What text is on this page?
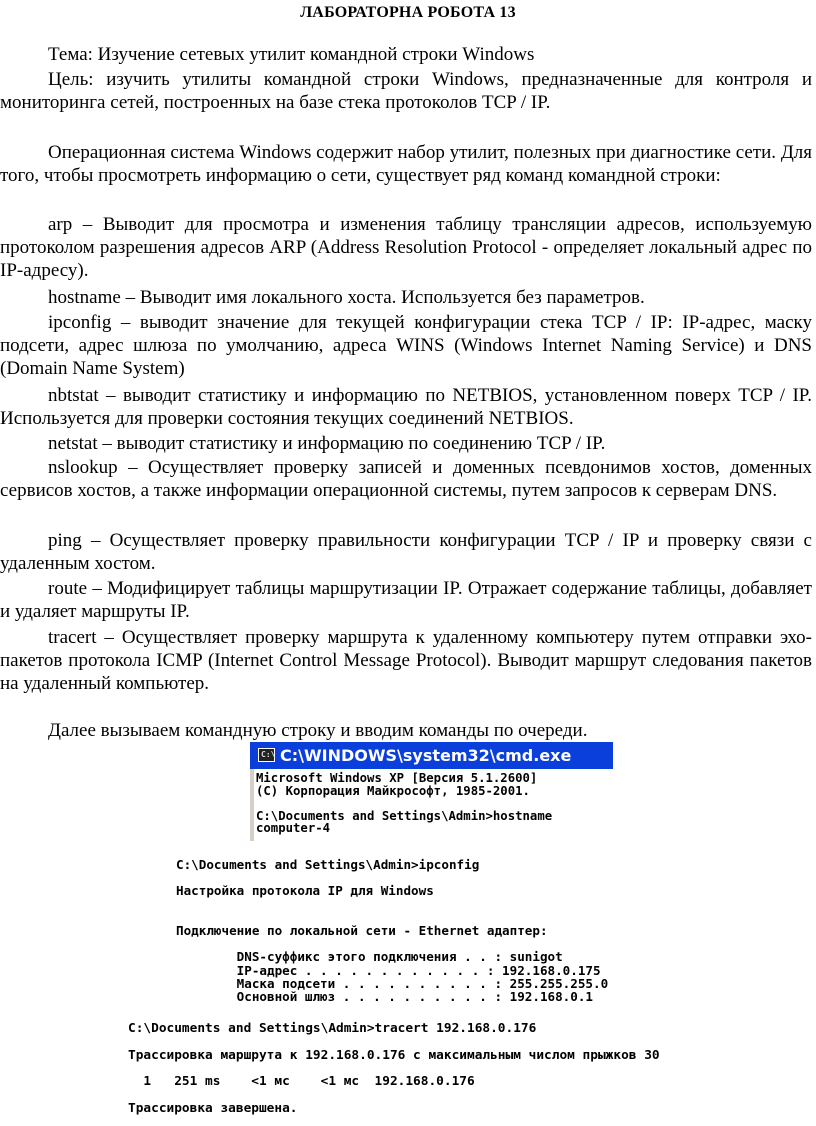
ЛАБОРАТОРНА РОБОТА 13

Тема: Изучение сетевых утилит командной строки Windows

Цель: изучить утилиты командной строки Windows, предназначенные для контроля и мониторинга сетей, построенных на базе стека протоколов TCP / IP.

Операционная система Windows содержит набор утилит, полезных при диагностике сети. Для того, чтобы просмотреть информацию о сети, существует ряд команд командной строки:

arp – Выводит для просмотра и изменения таблицу трансляции адресов, используемую протоколом разрешения адресов ARP (Address Resolution Protocol - определяет локальный адрес по IP-адресу).

hostname – Выводит имя локального хоста. Используется без параметров.

ipconfig – выводит значение для текущей конфигурации стека TCP / IP: IP-адрес, маску подсети, адрес шлюза по умолчанию, адреса WINS (Windows Internet Naming Service) и DNS (Domain Name System)

nbtstat – выводит статистику и информацию по NETBIOS, установленном поверх TCP / IP. Используется для проверки состояния текущих соединений NETBIOS.

netstat – выводит статистику и информацию по соединению TCP / IP.

nslookup – Осуществляет проверку записей и доменных псевдонимов хостов, доменных сервисов хостов, а также информации операционной системы, путем запросов к серверам DNS.

ping – Осуществляет проверку правильности конфигурации TCP / IP и проверку связи с удаленным хостом.

route – Модифицирует таблицы маршрутизации IP. Отражает содержание таблицы, добавляет и удаляет маршруты IP.

tracert – Осуществляет проверку маршрута к удаленному компьютеру путем отправки эхо-пакетов протокола ICMP (Internet Control Message Protocol). Выводит маршрут следования пакетов на удаленный компьютер.

Далее вызываем командную строку и вводим команды по очереди.

C:\ C:\WINDOWS\system32\cmd.exe
Microsoft Windows XP [Версия 5.1.2600]
(С) Корпорация Майкрософт, 1985-2001.

C:\Documents and Settings\Admin>hostname
computer-4
C:\Documents and Settings\Admin>ipconfig

Настройка протокола IP для Windows

Подключение по локальной сети - Ethernet адаптер:

DNS-суффикс этого подключения . . : sunigot
IP-адрес . . . . . . . . . . . . : 192.168.0.175
Маска подсети . . . . . . . . . . : 255.255.255.0
Основной шлюз . . . . . . . . . . : 192.168.0.1
C:\Documents and Settings\Admin>tracert 192.168.0.176

Трассировка маршрута к 192.168.0.176 с максимальным числом прыжков 30

1   251 ms    <1 мс    <1 мс  192.168.0.176

Трассировка завершена.
